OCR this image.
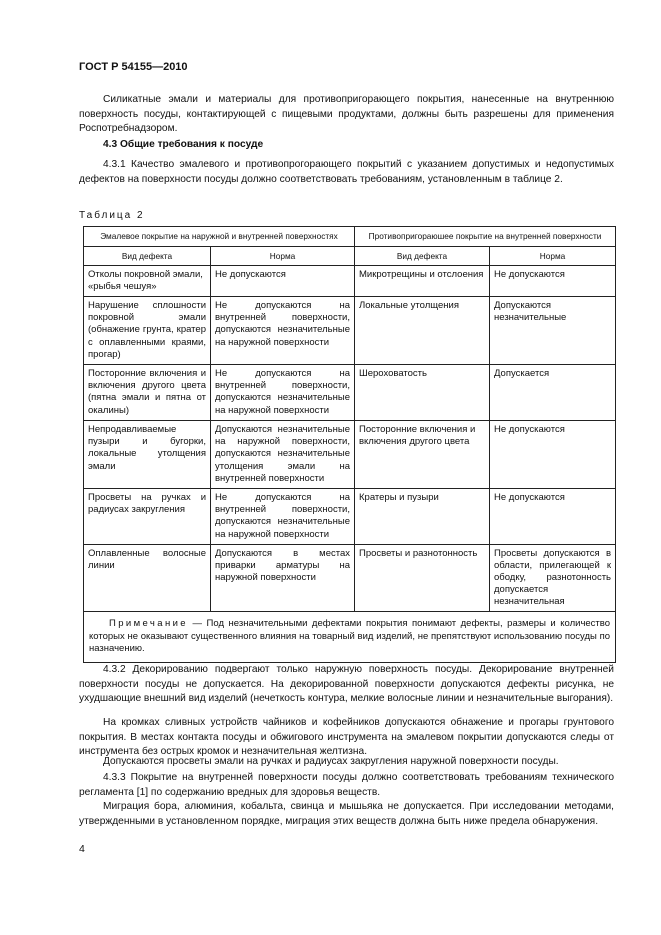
ГОСТ Р 54155—2010
Силикатные эмали и материалы для противопригорающего покрытия, нанесенные на внутреннюю поверхность посуды, контактирующей с пищевыми продуктами, должны быть разрешены для применения Роспотребнадзором.
4.3 Общие требования к посуде
4.3.1 Качество эмалевого и противопрогорающего покрытий с указанием допустимых и недопустимых дефектов на поверхности посуды должно соответствовать требованиям, установленным в таблице 2.
Таблица 2
Эмалевое покрытие на наружной и внутренней поверхностях		Противопригораюшее покрытие на внутренней поверхности	
Вид дефекта	Норма	Вид дефекта	Норма
Отколы покровной эмали, «рыбья чешуя»	Не допускаются	Микротрещины и отслоения	Не допускаются
Нарушение сплошности покровной эмали (обнажение грунта, кратер с оплавленными краями, прогар)	Не допускаются на внутренней поверхности, допускаются незначительные на наружной поверхности	Локальные утолщения	Допускаются незначительные
Посторонние включения и включения другого цвета (пятна эмали и пятна от окалины)	Не допускаются на внутренней поверхности, допускаются незначительные на наружной поверхности	Шероховатость	Допускается
Непродавливаемые пузыри и бугорки, локальные утолщения эмали	Допускаются незначительные на наружной поверхности, допускаются незначительные утолщения эмали на внутренней поверхности	Посторонние включения и включения другого цвета	Не допускаются
Просветы на ручках и радиусах закругления	Не допускаются на внутренней поверхности, допускаются незначительные на наружной поверхности	Кратеры и пузыри	Не допускаются
Оплавленные волосные линии	Допускаются в местах приварки арматуры на наружной поверхности	Просветы и разнотонность	Просветы допускаются в области, прилегающей к ободку, разнотонность допускается незначительная
Примечание — Под незначительными дефектами покрытия понимают дефекты, размеры и количество которых не оказывают существенного влияния на товарный вид изделий, не препятствуют использованию посуды по назначению.			
4.3.2 Декорированию подвергают только наружную поверхность посуды. Декорирование внутренней поверхности посуды не допускается. На декорированной поверхности допускаются дефекты рисунка, не ухудшающие внешний вид изделий (нечеткость контура, мелкие волосные линии и незначительные выгорания).
На кромках сливных устройств чайников и кофейников допускаются обнажение и прогары грунтового покрытия. В местах контакта посуды и обжигового инструмента на эмалевом покрытии допускаются следы от инструмента без острых кромок и незначительная желтизна.
Допускаются просветы эмали на ручках и радиусах закругления наружной поверхности посуды.
4.3.3 Покрытие на внутренней поверхности посуды должно соответствовать требованиям технического регламента [1] по содержанию вредных для здоровья веществ.
Миграция бора, алюминия, кобальта, свинца и мышьяка не допускается. При исследовании методами, утвержденными в установленном порядке, миграция этих веществ должна быть ниже предела обнаружения.
4
